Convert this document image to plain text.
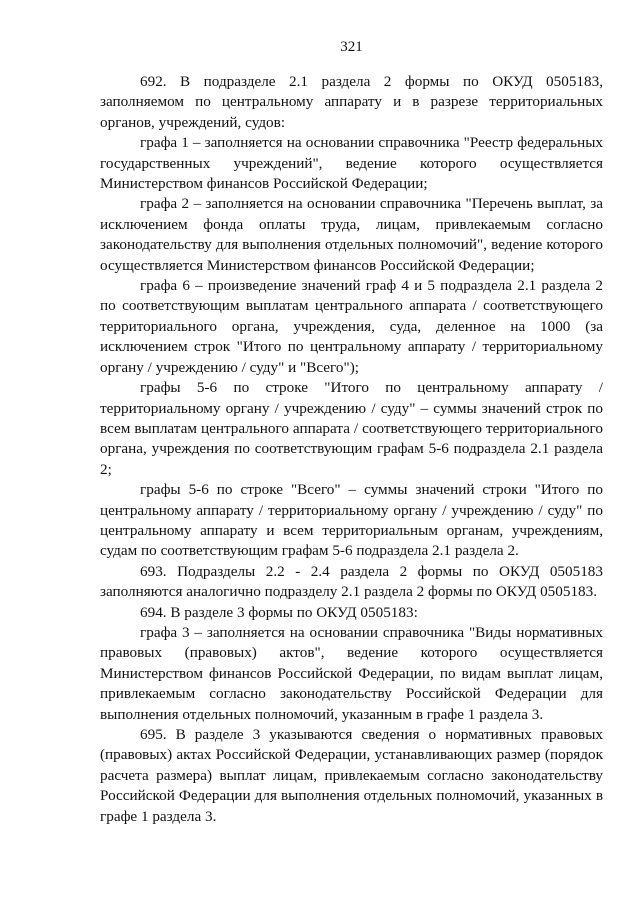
321

692. В подразделе 2.1 раздела 2 формы по ОКУД 0505183, заполняемом по центральному аппарату и в разрезе территориальных органов, учреждений, судов:

графа 1 – заполняется на основании справочника "Реестр федеральных государственных учреждений", ведение которого осуществляется Министерством финансов Российской Федерации;

графа 2 – заполняется на основании справочника "Перечень выплат, за исключением фонда оплаты труда, лицам, привлекаемым согласно законодательству для выполнения отдельных полномочий", ведение которого осуществляется Министерством финансов Российской Федерации;

графа 6 – произведение значений граф 4 и 5 подраздела 2.1 раздела 2 по соответствующим выплатам центрального аппарата / соответствующего территориального органа, учреждения, суда, деленное на 1000 (за исключением строк "Итого по центральному аппарату / территориальному органу / учреждению / суду" и "Всего");

графы 5-6 по строке "Итого по центральному аппарату / территориальному органу / учреждению / суду" – суммы значений строк по всем выплатам центрального аппарата / соответствующего территориального органа, учреждения по соответствующим графам 5-6 подраздела 2.1 раздела 2;

графы 5-6 по строке "Всего" – суммы значений строки "Итого по центральному аппарату / территориальному органу / учреждению / суду" по центральному аппарату и всем территориальным органам, учреждениям, судам по соответствующим графам 5-6 подраздела 2.1 раздела 2.

693. Подразделы 2.2 - 2.4 раздела 2 формы по ОКУД 0505183 заполняются аналогично подразделу 2.1 раздела 2 формы по ОКУД 0505183.

694. В разделе 3 формы по ОКУД 0505183:

графа 3 – заполняется на основании справочника "Виды нормативных правовых (правовых) актов", ведение которого осуществляется Министерством финансов Российской Федерации, по видам выплат лицам, привлекаемым согласно законодательству Российской Федерации для выполнения отдельных полномочий, указанным в графе 1 раздела 3.

695. В разделе 3 указываются сведения о нормативных правовых (правовых) актах Российской Федерации, устанавливающих размер (порядок расчета размера) выплат лицам, привлекаемым согласно законодательству Российской Федерации для выполнения отдельных полномочий, указанных в графе 1 раздела 3.
